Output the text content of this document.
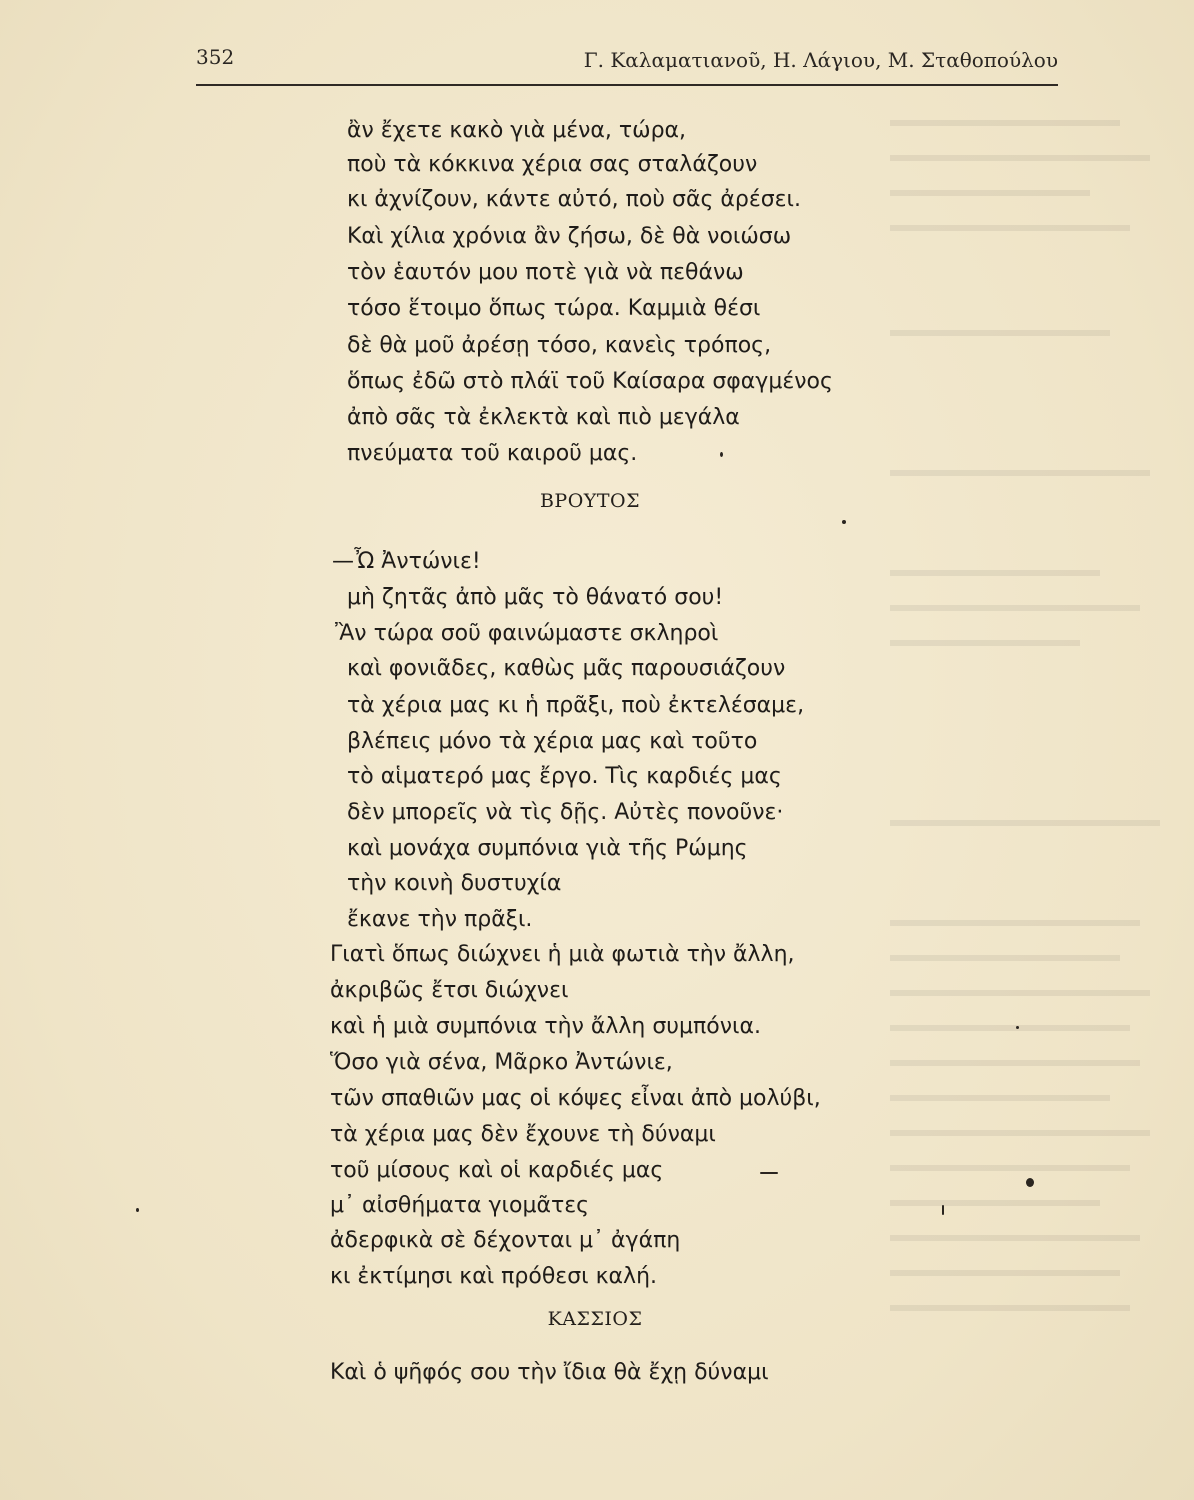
352	Γ. Καλαματιανοῦ, Η. Λάγιου, Μ. Σταθοπούλου
ἂν ἔχετε κακὸ γιὰ μένα, τώρα,
ποὺ τὰ κόκκινα χέρια σας σταλάζουν
κι ἀχνίζουν, κάντε αὐτό, ποὺ σᾶς ἀρέσει.
Καὶ χίλια χρόνια ἂν ζήσω, δὲ θὰ νοιώσω
τὸν ἑαυτόν μου ποτὲ γιὰ νὰ πεθάνω
τόσο ἕτοιμο ὅπως τώρα. Καμμιὰ θέσι
δὲ θὰ μοῦ ἀρέσῃ τόσο, κανεὶς τρόπος,
ὅπως ἐδῶ στὸ πλάϊ τοῦ Καίσαρα σφαγμένος
ἀπὸ σᾶς τὰ ἐκλεκτὰ καὶ πιὸ μεγάλα
πνεύματα τοῦ καιροῦ μας.
ΒΡΟΥΤΟΣ
—Ὦ Ἀντώνιε!
μὴ ζητᾶς ἀπὸ μᾶς τὸ θάνατό σου!
Ἂν τώρα σοῦ φαινώμαστε σκληροὶ
καὶ φονιᾶδες, καθὼς μᾶς παρουσιάζουν
τὰ χέρια μας κι ἡ πρᾶξι, ποὺ ἐκτελέσαμε,
βλέπεις μόνο τὰ χέρια μας καὶ τοῦτο
τὸ αἱματερό μας ἔργο. Τὶς καρδιές μας
δὲν μπορεῖς νὰ τὶς δῇς. Αὐτὲς πονοῦνε·
καὶ μονάχα συμπόνια γιὰ τῆς Ρώμης
τὴν κοινὴ δυστυχία
ἔκανε τὴν πρᾶξι.
Γιατὶ ὅπως διώχνει ἡ μιὰ φωτιὰ τὴν ἄλλη,
ἀκριβῶς ἔτσι διώχνει
καὶ ἡ μιὰ συμπόνια τὴν ἄλλη συμπόνια.
Ὅσο γιὰ σένα, Μᾶρκο Ἀντώνιε,
τῶν σπαθιῶν μας οἱ κόψες εἶναι ἀπὸ μολύβι,
τὰ χέρια μας δὲν ἔχουνε τὴ δύναμι
τοῦ μίσους καὶ οἱ καρδιές μας
μ᾽ αἰσθήματα γιομᾶτες
ἀδερφικὰ σὲ δέχονται μ᾽ ἀγάπη
κι ἐκτίμησι καὶ πρόθεσι καλή.
ΚΑΣΣΙΟΣ
Καὶ ὁ ψῆφός σου τὴν ἴδια θὰ ἔχῃ δύναμι
